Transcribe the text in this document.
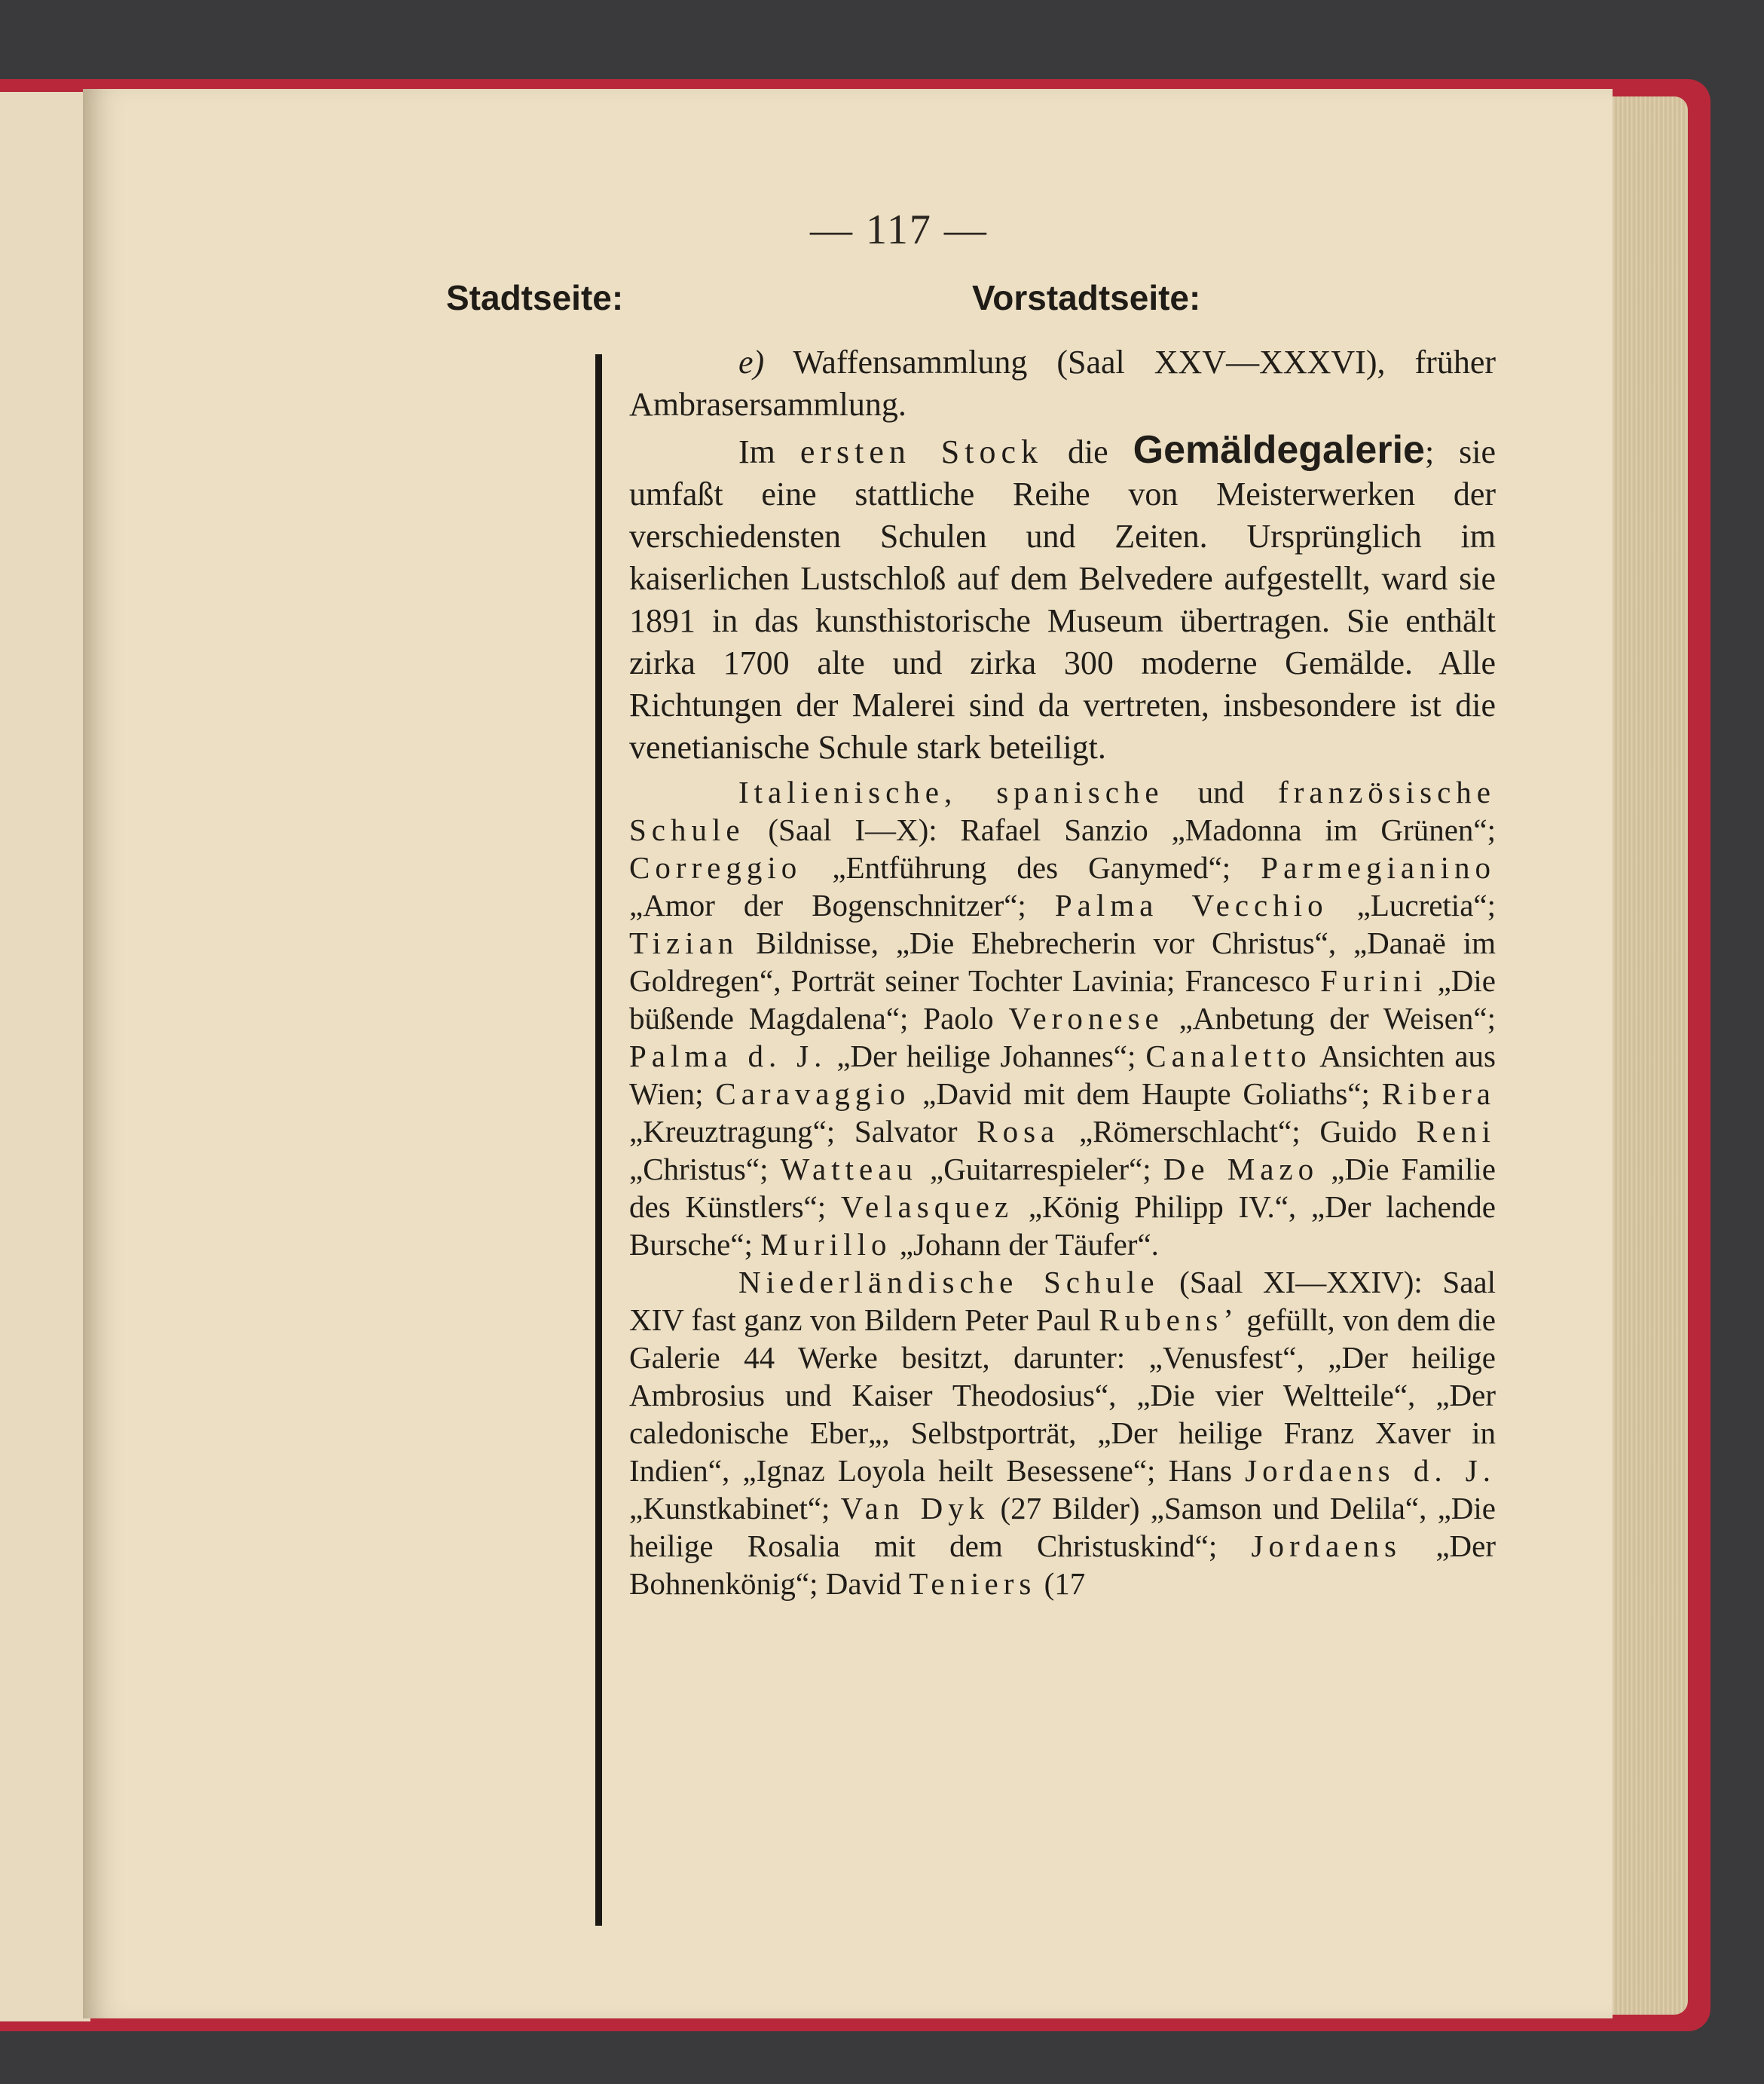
— 117 —
Stadtseite:	Vorstadtseite:

e) Waffensammlung (Saal XXV—XXXVI), früher Ambrasersammlung.

Im ersten Stock die Gemäldegalerie; sie umfaßt eine stattliche Reihe von Meisterwerken der verschiedensten Schulen und Zeiten. Ursprünglich im kaiserlichen Lustschloß auf dem Belvedere aufgestellt, ward sie 1891 in das kunsthistorische Museum übertragen. Sie enthält zirka 1700 alte und zirka 300 moderne Gemälde. Alle Richtungen der Malerei sind da vertreten, insbesondere ist die venetianische Schule stark beteiligt.

Italienische, spanische und französische Schule (Saal I—X): Rafael Sanzio „Madonna im Grünen“; Correggio „Entführung des Ganymed“; Parmegianino „Amor der Bogenschnitzer“; Palma Vecchio „Lucretia“; Tizian Bildnisse, „Die Ehebrecherin vor Christus“, „Danaë im Goldregen“, Porträt seiner Tochter Lavinia; Francesco Furini „Die büßende Magdalena“; Paolo Veronese „Anbetung der Weisen“; Palma d. J. „Der heilige Johannes“; Canaletto Ansichten aus Wien; Caravaggio „David mit dem Haupte Goliaths“; Ribera „Kreuztragung“; Salvator Rosa „Römerschlacht“; Guido Reni „Christus“; Watteau „Guitarrespieler“; De Mazo „Die Familie des Künstlers“; Velasquez „König Philipp IV.“, „Der lachende Bursche“; Murillo „Johann der Täufer“.

Niederländische Schule (Saal XI—XXIV): Saal XIV fast ganz von Bildern Peter Paul Rubens’ gefüllt, von dem die Galerie 44 Werke besitzt, darunter: „Venusfest“, „Der heilige Ambrosius und Kaiser Theodosius“, „Die vier Weltteile“, „Der caledonische Eber„, Selbstporträt, „Der heilige Franz Xaver in Indien“, „Ignaz Loyola heilt Besessene“; Hans Jordaens d. J. „Kunstkabinet“; Van Dyk (27 Bilder) „Samson und Delila“, „Die heilige Rosalia mit dem Christuskind“; Jordaens „Der Bohnenkönig“; David Teniers (17
